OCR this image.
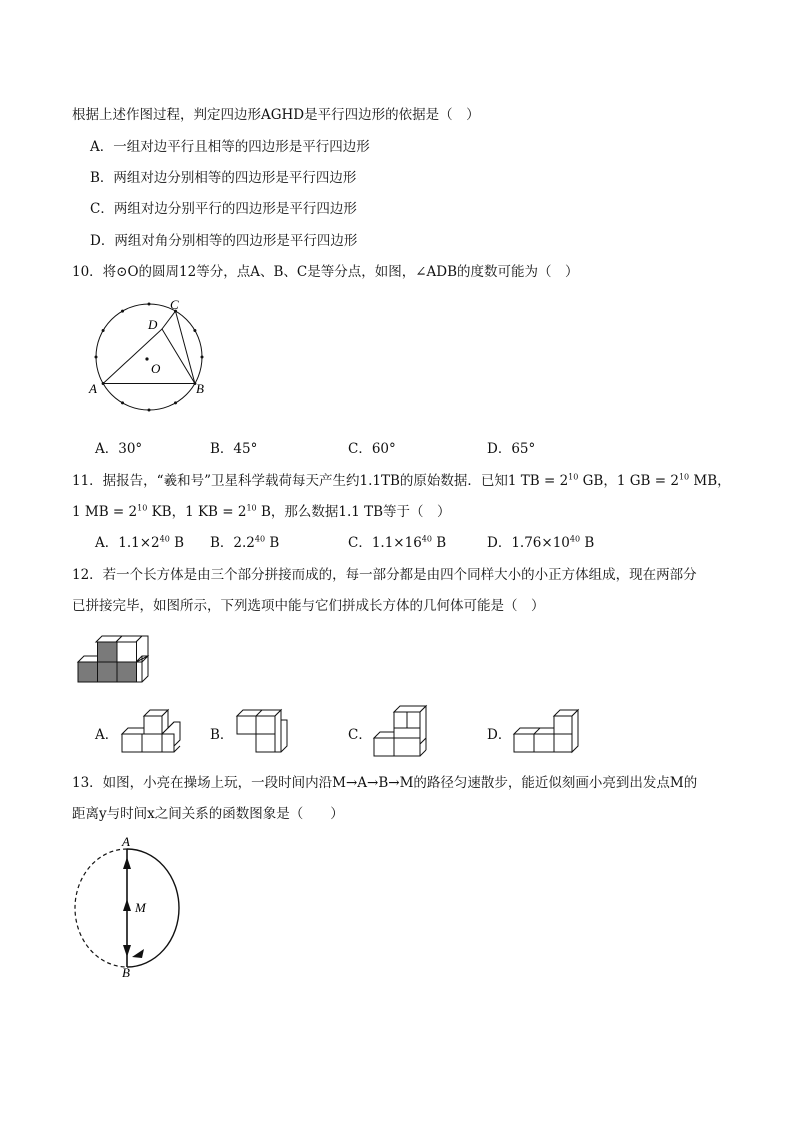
根据上述作图过程，判定四边形AGHD是平行四边形的依据是（　）
A．一组对边平行且相等的四边形是平行四边形
B．两组对边分别相等的四边形是平行四边形
C．两组对边分别平行的四边形是平行四边形
D．两组对角分别相等的四边形是平行四边形
10．将⊙O的圆周12等分，点A、B、C是等分点，如图，∠ADB的度数可能为（　）
C
D
O
A	B
A．30°	B．45°	C．60°	D．65°
11．据报告，“羲和号”卫星科学载荷每天产生约1.1TB的原始数据．已知1 TB = $2^{10}$ GB，1 GB = $2^{10}$ MB，
1 MB = $2^{10}$ KB，1 KB = $2^{10}$ B，那么数据1.1 TB等于（　）
A．$1.1\times 2^{40}$ B B．$2.2^{40}$ B	C．$1.1\times 16^{40}$ B	D．$1.76\times 10^{40}$ B
12．若一个长方体是由三个部分拼接而成的，每一部分都是由四个同样大小的小正方体组成，现在两部分
已拼接完毕，如图所示，下列选项中能与它们拼成长方体的几何体可能是（　）
A．	B．	C．	D．
13．如图，小亮在操场上玩，一段时间内沿M→A→B→M的路径匀速散步，能近似刻画小亮到出发点M的
距离y与时间x之间关系的函数图象是（　　）
A
M
B
